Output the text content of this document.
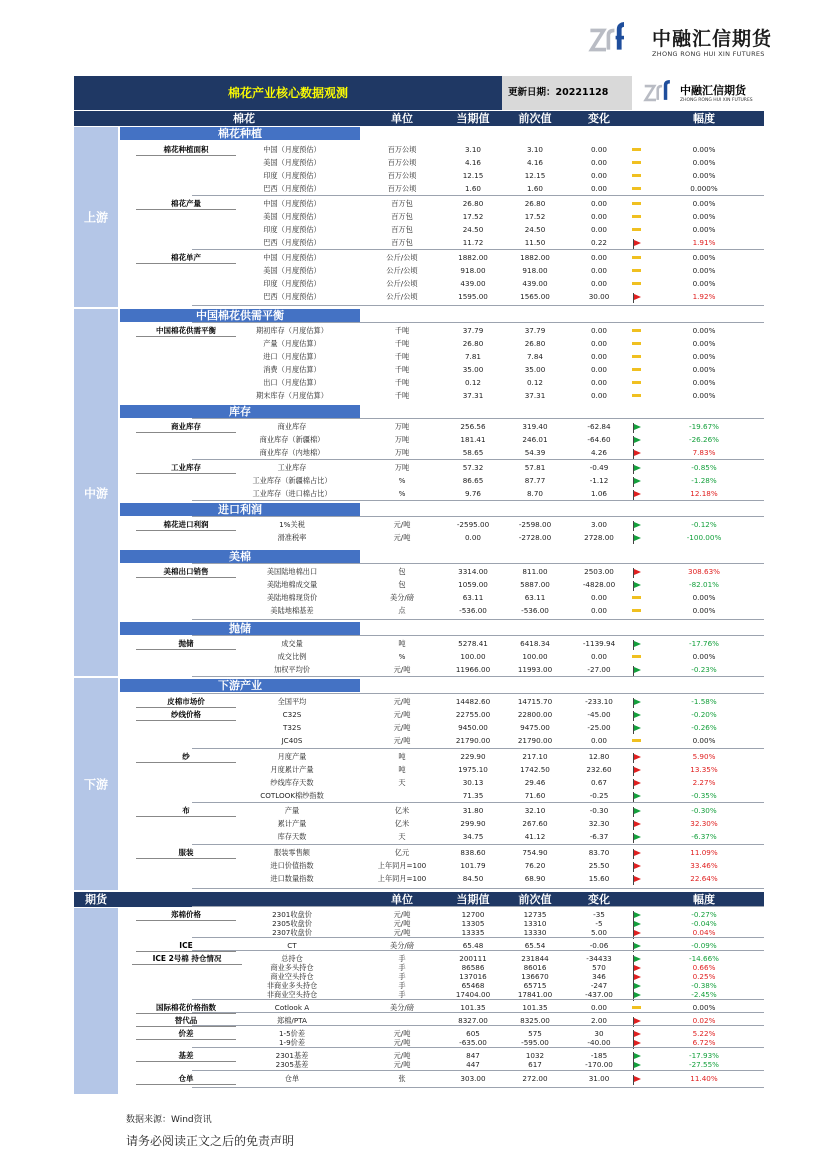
中融汇信期货
ZHONG RONG HUI XIN FUTURES
棉花产业核心数据观测	更新日期：20221128	中融汇信期货
ZHONG RONG HUI XIN FUTURES
棉花	单位	当期值	前次值	变化	幅度
上游
中游
下游
棉花种植
中国棉花供需平衡
库存
进口利润
美棉
抛储
下游产业
期货	单位	当期值	前次值	变化	幅度
棉花种植面积
棉花产量
棉花单产
中国棉花供需平衡
商业库存
工业库存
棉花进口利润
美棉出口销售
抛储
皮棉市场价
纱线价格
纱
布
服装
郑棉价格
ICE
ICE 2号棉 持仓情况
国际棉花价格指数
替代品
价差
基差
仓单
中国（月度预估）	百万公顷	3.10	3.10	0.00	0.00%
美国（月度预估）	百万公顷	4.16	4.16	0.00	0.00%
印度（月度预估）	百万公顷	12.15	12.15	0.00	0.00%
巴西（月度预估）	百万公顷	1.60	1.60	0.00	0.000%
中国（月度预估）	百万包	26.80	26.80	0.00	0.00%
美国（月度预估）	百万包	17.52	17.52	0.00	0.00%
印度（月度预估）	百万包	24.50	24.50	0.00	0.00%
巴西（月度预估）	百万包	11.72	11.50	0.22	1.91%
中国（月度预估）	公斤/公顷	1882.00	1882.00	0.00	0.00%
美国（月度预估）	公斤/公顷	918.00	918.00	0.00	0.00%
印度（月度预估）	公斤/公顷	439.00	439.00	0.00	0.00%
巴西（月度预估）	公斤/公顷	1595.00	1565.00	30.00	1.92%
期初库存（月度估算）	千吨	37.79	37.79	0.00	0.00%
产量（月度估算）	千吨	26.80	26.80	0.00	0.00%
进口（月度估算）	千吨	7.81	7.84	0.00	0.00%
消费（月度估算）	千吨	35.00	35.00	0.00	0.00%
出口（月度估算）	千吨	0.12	0.12	0.00	0.00%
期末库存（月度估算）	千吨	37.31	37.31	0.00	0.00%
商业库存	万吨	256.56	319.40	-62.84	-19.67%
商业库存（新疆棉）	万吨	181.41	246.01	-64.60	-26.26%
商业库存（内地棉）	万吨	58.65	54.39	4.26	7.83%
工业库存	万吨	57.32	57.81	-0.49	-0.85%
工业库存（新疆棉占比）	%	86.65	87.77	-1.12	-1.28%
工业库存（进口棉占比）	%	9.76	8.70	1.06	12.18%
1%关税	元/吨	-2595.00	-2598.00	3.00	-0.12%
滑准税率	元/吨	0.00	-2728.00	2728.00	-100.00%
美国陆地棉出口	包	3314.00	811.00	2503.00	308.63%
美陆地棉成交量	包	1059.00	5887.00	-4828.00	-82.01%
美陆地棉现货价	美分/磅	63.11	63.11	0.00	0.00%
美陆地棉基差	点	-536.00	-536.00	0.00	0.00%
成交量	吨	5278.41	6418.34	-1139.94	-17.76%
成交比例	%	100.00	100.00	0.00	0.00%
加权平均价	元/吨	11966.00	11993.00	-27.00	-0.23%
全国平均	元/吨	14482.60	14715.70	-233.10	-1.58%
C32S	元/吨	22755.00	22800.00	-45.00	-0.20%
T32S	元/吨	9450.00	9475.00	-25.00	-0.26%
JC40S	元/吨	21790.00	21790.00	0.00	0.00%
月度产量	吨	229.90	217.10	12.80	5.90%
月度累计产量	吨	1975.10	1742.50	232.60	13.35%
纱线库存天数	天	30.13	29.46	0.67	2.27%
COTLOOK棉纱指数	71.35	71.60	-0.25	-0.35%
产量	亿米	31.80	32.10	-0.30	-0.30%
累计产量	亿米	299.90	267.60	32.30	32.30%
库存天数	天	34.75	41.12	-6.37	-6.37%
服装零售额	亿元	838.60	754.90	83.70	11.09%
进口价值指数	上年同月=100	101.79	76.20	25.50	33.46%
进口数量指数	上年同月=100	84.50	68.90	15.60	22.64%
2301收盘价	元/吨	12700	12735	-35	-0.27%
2305收盘价	元/吨	13305	13310	-5	-0.04%
2307收盘价	元/吨	13335	13330	5.00	0.04%
CT	美分/磅	65.48	65.54	-0.06	-0.09%
总持仓	手	200111	231844	-34433	-14.66%
商业多头持仓	手	86586	86016	570	0.66%
商业空头持仓	手	137016	136670	346	0.25%
非商业多头持仓	手	65468	65715	-247	-0.38%
非商业空头持仓	手	17404.00	17841.00	-437.00	-2.45%
Cotlook A	美分/磅	101.35	101.35	0.00	0.00%
郑棉/PTA	8327.00	8325.00	2.00	0.02%
1-5价差	元/吨	605	575	30	5.22%
1-9价差	元/吨	-635.00	-595.00	-40.00	6.72%
2301基差	元/吨	847	1032	-185	-17.93%
2305基差	元/吨	447	617	-170.00	-27.55%
仓单	张	303.00	272.00	31.00	11.40%
数据来源：Wind资讯
请务必阅读正文之后的免责声明
